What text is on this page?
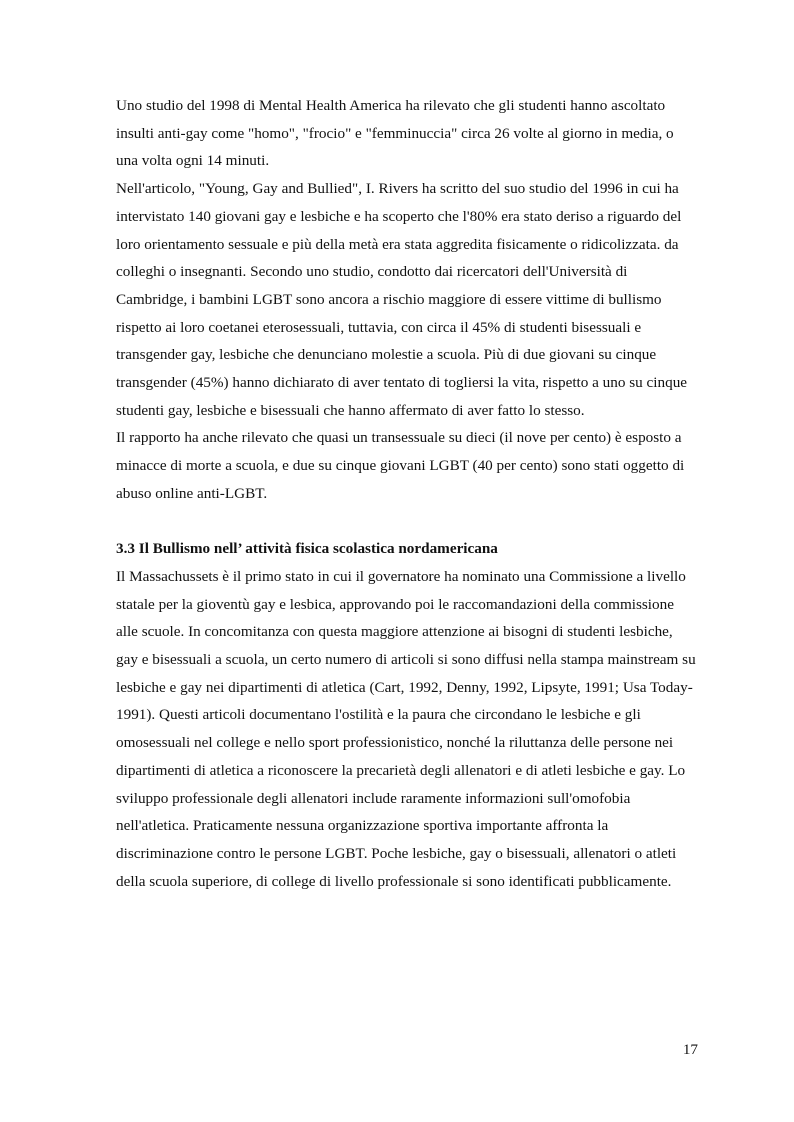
Uno studio del 1998 di Mental Health America ha rilevato che gli studenti hanno ascoltato insulti anti-gay come "homo", "frocio" e "femminuccia" circa 26 volte al giorno in media, o una volta ogni 14 minuti.

Nell'articolo, "Young, Gay and Bullied", I. Rivers ha scritto del suo studio del 1996 in cui ha intervistato 140 giovani gay e lesbiche e ha scoperto che l'80% era stato deriso a riguardo del loro orientamento sessuale e più della metà era stata aggredita fisicamente o ridicolizzata. da colleghi o insegnanti. Secondo uno studio, condotto dai ricercatori dell'Università di Cambridge, i bambini LGBT sono ancora a rischio maggiore di essere vittime di bullismo rispetto ai loro coetanei eterosessuali, tuttavia, con circa il 45% di studenti bisessuali e transgender gay, lesbiche che denunciano molestie a scuola. Più di due giovani su cinque transgender (45%) hanno dichiarato di aver tentato di togliersi la vita, rispetto a uno su cinque studenti gay, lesbiche e bisessuali che hanno affermato di aver fatto lo stesso.

Il rapporto ha anche rilevato che quasi un transessuale su dieci (il nove per cento) è esposto a minacce di morte a scuola, e due su cinque giovani LGBT (40 per cento) sono stati oggetto di abuso online anti-LGBT.

3.3 Il Bullismo nell’ attività fisica scolastica nordamericana

Il Massachussets è il primo stato in cui il governatore ha nominato una Commissione a livello statale per la gioventù gay e lesbica, approvando poi le raccomandazioni della commissione alle scuole. In concomitanza con questa maggiore attenzione ai bisogni di studenti lesbiche, gay e bisessuali a scuola, un certo numero di articoli si sono diffusi nella stampa mainstream su lesbiche e gay nei dipartimenti di atletica (Cart, 1992, Denny, 1992, Lipsyte, 1991; Usa Today-1991). Questi articoli documentano l'ostilità e la paura che circondano le lesbiche e gli omosessuali nel college e nello sport professionistico, nonché la riluttanza delle persone nei dipartimenti di atletica a riconoscere la precarietà degli allenatori e di atleti lesbiche e gay. Lo sviluppo professionale degli allenatori include raramente informazioni sull'omofobia nell'atletica. Praticamente nessuna organizzazione sportiva importante affronta la discriminazione contro le persone LGBT. Poche lesbiche, gay o bisessuali, allenatori o atleti della scuola superiore, di college di livello professionale si sono identificati pubblicamente.

17
